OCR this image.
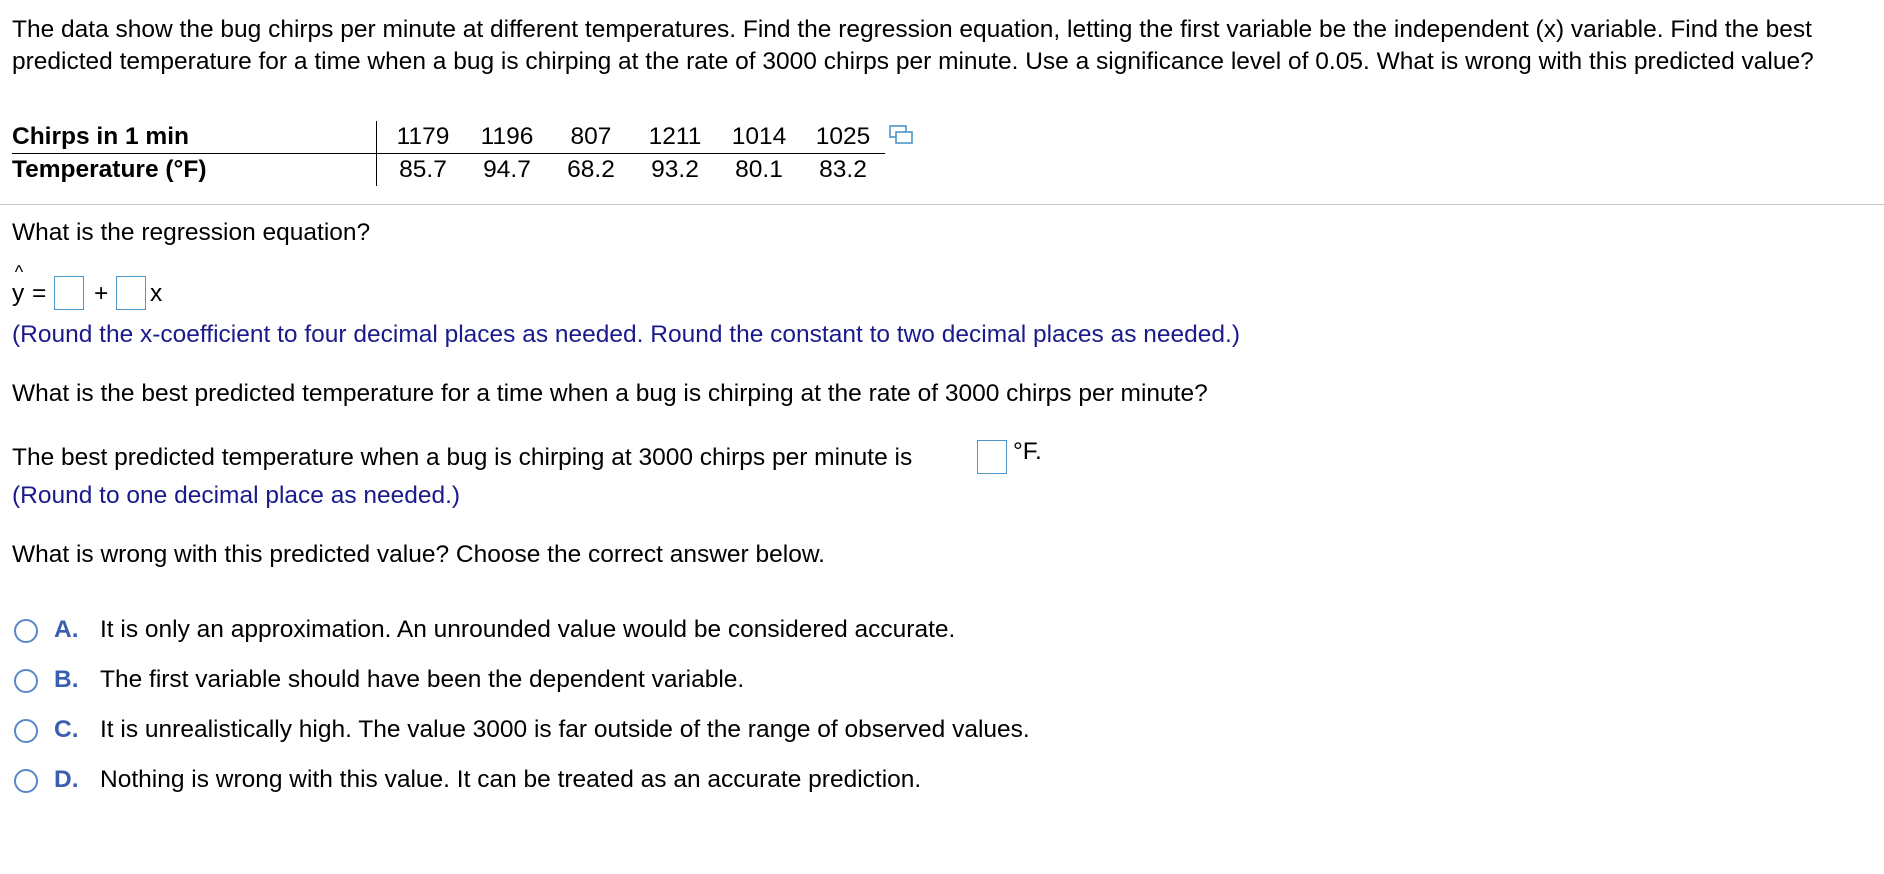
The data show the bug chirps per minute at different temperatures. Find the regression equation, letting the first variable be the independent (x) variable. Find the best predicted temperature for a time when a bug is chirping at the rate of 3000 chirps per minute. Use a significance level of 0.05. What is wrong with this predicted value?
Chirps in 1 min	1179	1196	807	1211	1014	1025	
Temperature (°F)	85.7	94.7	68.2	93.2	80.1	83.2	
What is the regression equation?
^
y = + x
(Round the x-coefficient to four decimal places as needed. Round the constant to two decimal places as needed.)
What is the best predicted temperature for a time when a bug is chirping at the rate of 3000 chirps per minute?
The best predicted temperature when a bug is chirping at 3000 chirps per minute is	°F.
(Round to one decimal place as needed.)
What is wrong with this predicted value? Choose the correct answer below.
A. It is only an approximation. An unrounded value would be considered accurate.
B. The first variable should have been the dependent variable.
C. It is unrealistically high. The value 3000 is far outside of the range of observed values.
D. Nothing is wrong with this value. It can be treated as an accurate prediction.
